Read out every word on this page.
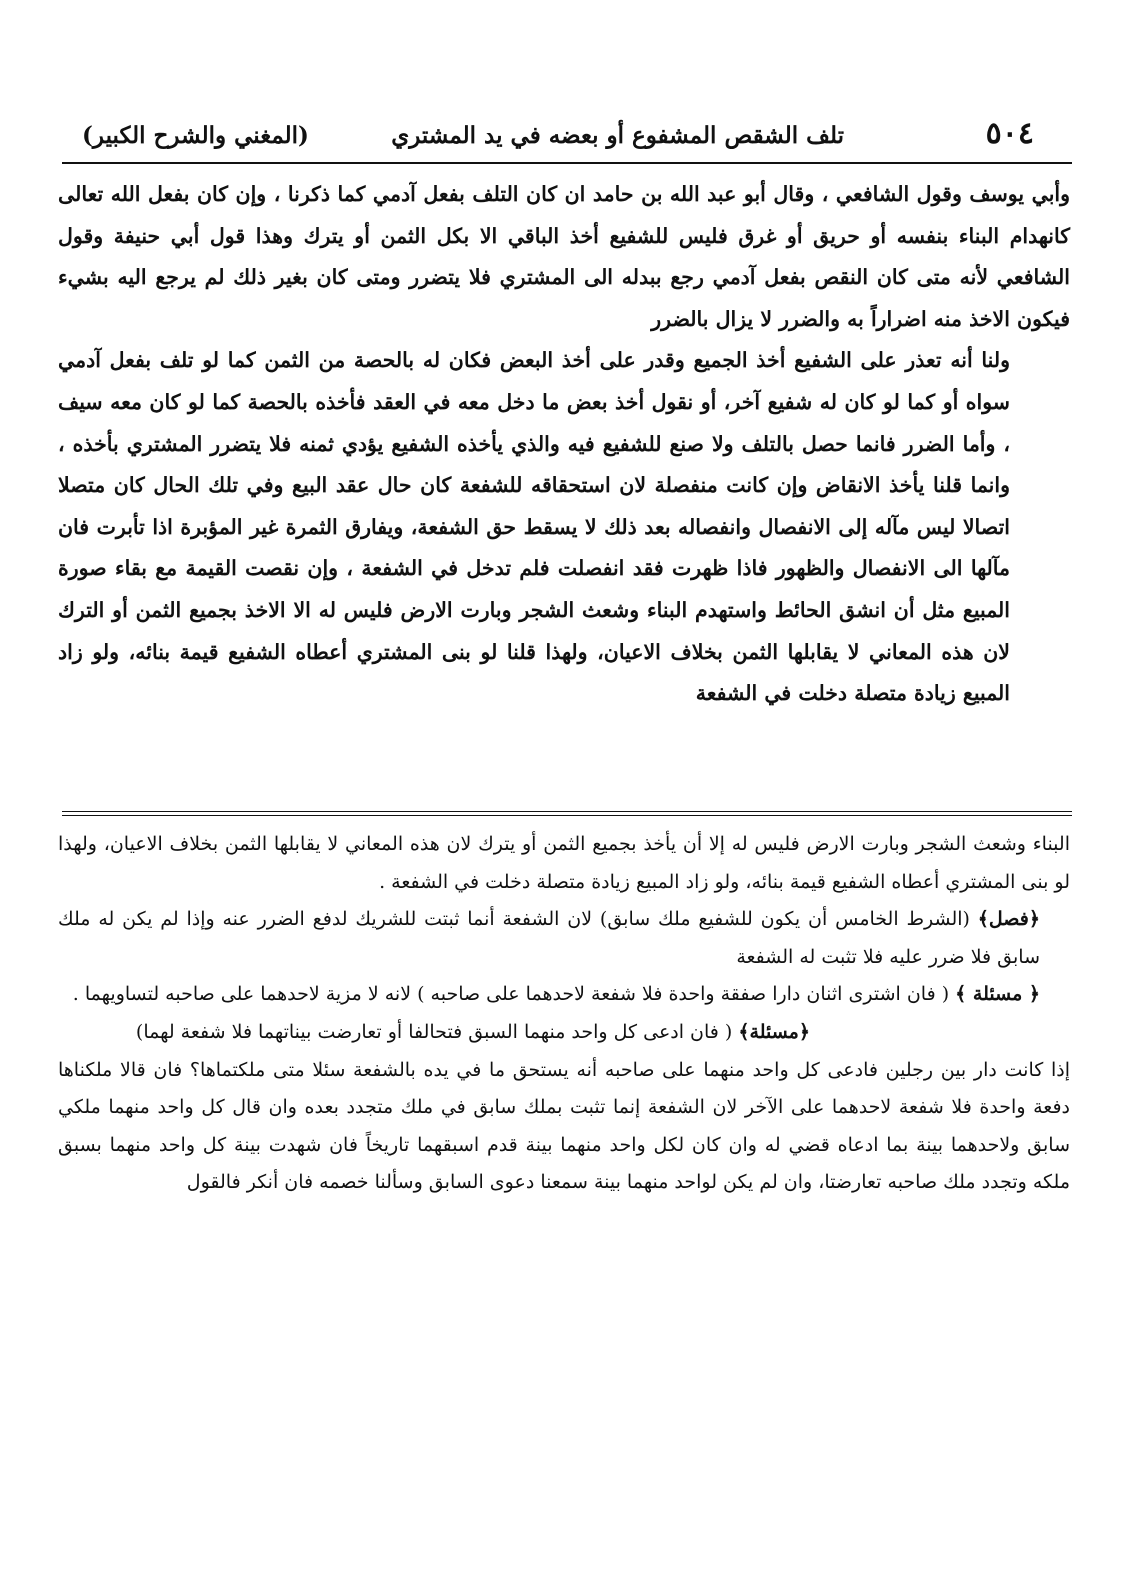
٥٠٤
تلف الشقص المشفوع أو بعضه في يد المشتري
(المغني والشرح الكبير)

وأبي يوسف وقول الشافعي ، وقال أبو عبد الله بن حامد ان كان التلف بفعل آدمي كما ذكرنا ، وإن كان بفعل الله تعالى كانهدام البناء بنفسه أو حريق أو غرق فليس للشفيع أخذ الباقي الا بكل الثمن أو يترك وهذا قول أبي حنيفة وقول الشافعي لأنه متى كان النقص بفعل آدمي رجع ببدله الى المشتري فلا يتضرر ومتى كان بغير ذلك لم يرجع اليه بشيء فيكون الاخذ منه اضراراً به والضرر لا يزال بالضرر

ولنا أنه تعذر على الشفيع أخذ الجميع وقدر على أخذ البعض فكان له بالحصة من الثمن كما لو تلف بفعل آدمي سواه أو كما لو كان له شفيع آخر، أو نقول أخذ بعض ما دخل معه في العقد فأخذه بالحصة كما لو كان معه سيف ، وأما الضرر فانما حصل بالتلف ولا صنع للشفيع فيه والذي يأخذه الشفيع يؤدي ثمنه فلا يتضرر المشتري بأخذه ، وانما قلنا يأخذ الانقاض وإن كانت منفصلة لان استحقاقه للشفعة كان حال عقد البيع وفي تلك الحال كان متصلا اتصالا ليس مآله إلى الانفصال وانفصاله بعد ذلك لا يسقط حق الشفعة، ويفارق الثمرة غير المؤبرة اذا تأبرت فان مآلها الى الانفصال والظهور فاذا ظهرت فقد انفصلت فلم تدخل في الشفعة ، وإن نقصت القيمة مع بقاء صورة المبيع مثل أن انشق الحائط واستهدم البناء وشعث الشجر وبارت الارض فليس له الا الاخذ بجميع الثمن أو الترك لان هذه المعاني لا يقابلها الثمن بخلاف الاعيان، ولهذا قلنا لو بنى المشتري أعطاه الشفيع قيمة بنائه، ولو زاد المبيع زيادة متصلة دخلت في الشفعة

البناء وشعث الشجر وبارت الارض فليس له إلا أن يأخذ بجميع الثمن أو يترك لان هذه المعاني لا يقابلها الثمن بخلاف الاعيان، ولهذا لو بنى المشتري أعطاه الشفيع قيمة بنائه، ولو زاد المبيع زيادة متصلة دخلت في الشفعة .

﴿فصل﴾ (الشرط الخامس أن يكون للشفيع ملك سابق) لان الشفعة أنما ثبتت للشريك لدفع الضرر عنه وإذا لم يكن له ملك سابق فلا ضرر عليه فلا تثبت له الشفعة

﴿ مسئلة ﴾ ( فان اشترى اثنان دارا صفقة واحدة فلا شفعة لاحدهما على صاحبه ) لانه لا مزية لاحدهما على صاحبه لتساويهما .

﴿مسئلة﴾ ( فان ادعى كل واحد منهما السبق فتحالفا أو تعارضت بيناتهما فلا شفعة لهما)

إذا كانت دار بين رجلين فادعى كل واحد منهما على صاحبه أنه يستحق ما في يده بالشفعة سئلا متى ملكتماها؟ فان قالا ملكناها دفعة واحدة فلا شفعة لاحدهما على الآخر لان الشفعة إنما تثبت بملك سابق في ملك متجدد بعده وان قال كل واحد منهما ملكي سابق ولاحدهما بينة بما ادعاه قضي له وان كان لكل واحد منهما بينة قدم اسبقهما تاريخاً فان شهدت بينة كل واحد منهما بسبق ملكه وتجدد ملك صاحبه تعارضتا، وان لم يكن لواحد منهما بينة سمعنا دعوى السابق وسألنا خصمه فان أنكر فالقول
